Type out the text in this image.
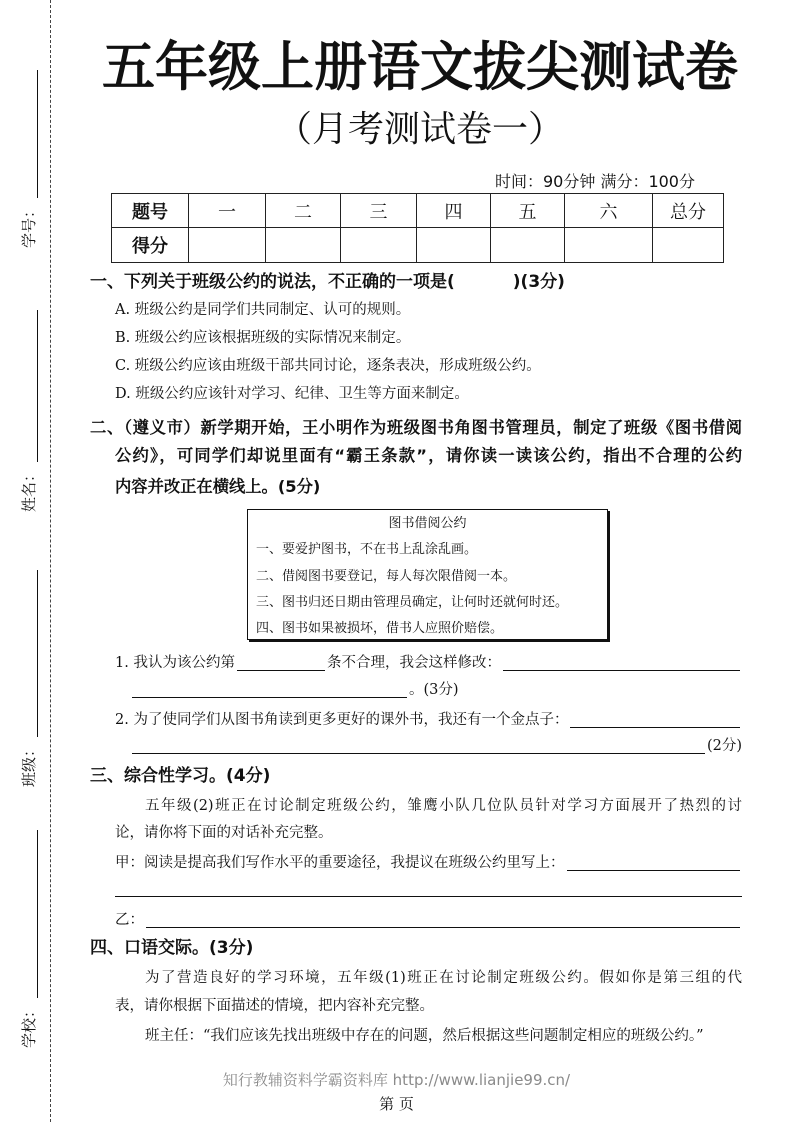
学号：
姓名：
班级：
学校：
五年级上册语文拔尖测试卷
（月考测试卷一）
时间：90分钟 满分：100分
题号	一	二	三	四	五	六	总分
得分							
一、下列关于班级公约的说法，不正确的一项是(	)(3分)
A. 班级公约是同学们共同制定、认可的规则。
B. 班级公约应该根据班级的实际情况来制定。
C. 班级公约应该由班级干部共同讨论，逐条表决，形成班级公约。
D. 班级公约应该针对学习、纪律、卫生等方面来制定。
二、（遵义市）新学期开始，王小明作为班级图书角图书管理员，制定了班级《图书借阅
公约》，可同学们却说里面有“霸王条款”，请你读一读该公约，指出不合理的公约
内容并改正在横线上。(5分)
图书借阅公约
一、要爱护图书，不在书上乱涂乱画。
二、借阅图书要登记，每人每次限借阅一本。
三、图书归还日期由管理员确定，让何时还就何时还。
四、图书如果被损坏，借书人应照价赔偿。
1. 我认为该公约第	条不合理，我会这样修改：
。(3分)
2. 为了使同学们从图书角读到更多更好的课外书，我还有一个金点子：
(2分)
三、综合性学习。(4分)
五年级(2)班正在讨论制定班级公约，雏鹰小队几位队员针对学习方面展开了热烈的讨
论，请你将下面的对话补充完整。
甲：阅读是提高我们写作水平的重要途径，我提议在班级公约里写上：
乙：
四、口语交际。(3分)
为了营造良好的学习环境，五年级(1)班正在讨论制定班级公约。假如你是第三组的代
表，请你根据下面描述的情境，把内容补充完整。
班主任：“我们应该先找出班级中存在的问题，然后根据这些问题制定相应的班级公约。”
知行教辅资料学霸资料库 http://www.lianjie99.cn/
第 页
